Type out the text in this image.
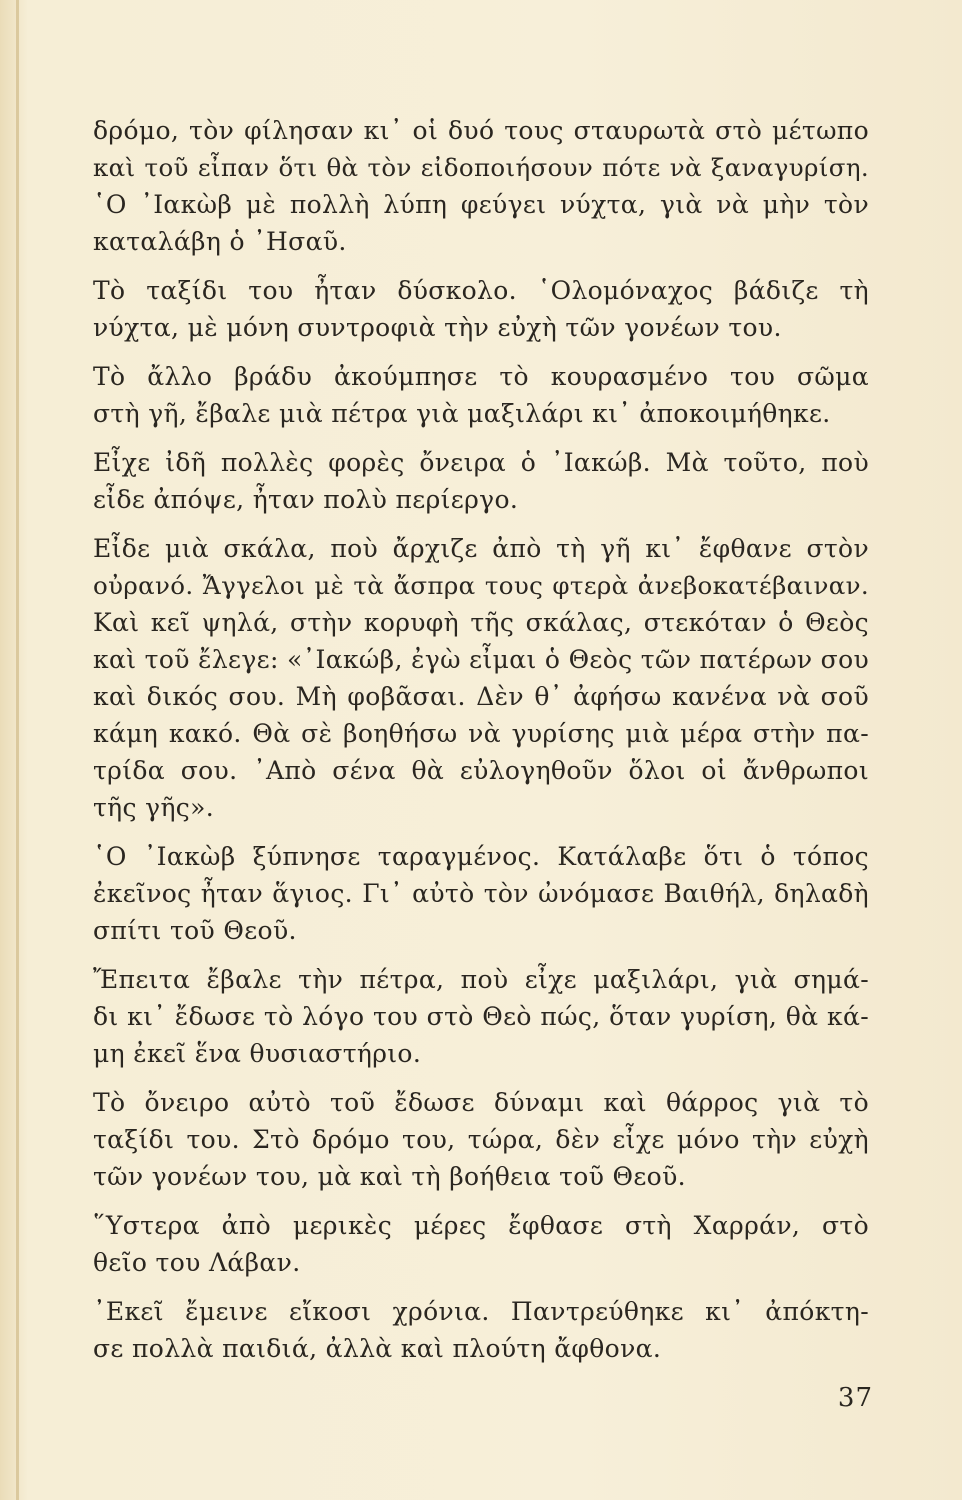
δρόμο, τὸν φίλησαν κι᾽ οἱ δυό τους σταυρωτὰ στὸ μέτωπο
καὶ τοῦ εἶπαν ὅτι θὰ τὸν εἰδοποιήσουν πότε νὰ ξαναγυρίση.
῾Ο ᾽Ιακὼβ μὲ πολλὴ λύπη φεύγει νύχτα, γιὰ νὰ μὴν τὸν
καταλάβη ὁ ᾽Ησαῦ.
Τὸ ταξίδι του ἦταν δύσκολο. ῾Ολομόναχος βάδιζε τὴ
νύχτα, μὲ μόνη συντροφιὰ τὴν εὐχὴ τῶν γονέων του.
Τὸ ἄλλο βράδυ ἀκούμπησε τὸ κουρασμένο του σῶμα
στὴ γῆ, ἔβαλε μιὰ πέτρα γιὰ μαξιλάρι κι᾽ ἀποκοιμήθηκε.
Εἶχε ἰδῆ πολλὲς φορὲς ὄνειρα ὁ ᾽Ιακώβ. Μὰ τοῦτο, ποὺ
εἶδε ἀπόψε, ἦταν πολὺ περίεργο.
Εἶδε μιὰ σκάλα, ποὺ ἄρχιζε ἀπὸ τὴ γῆ κι᾽ ἔφθανε στὸν
οὐρανό. Ἄγγελοι μὲ τὰ ἄσπρα τους φτερὰ ἀνεβοκατέβαιναν.
Καὶ κεῖ ψηλά, στὴν κορυφὴ τῆς σκάλας, στεκόταν ὁ Θεὸς
καὶ τοῦ ἔλεγε: «᾽Ιακώβ, ἐγὼ εἶμαι ὁ Θεὸς τῶν πατέρων σου
καὶ δικός σου. Μὴ φοβᾶσαι. Δὲν θ᾽ ἀφήσω κανένα νὰ σοῦ
κάμη κακό. Θὰ σὲ βοηθήσω νὰ γυρίσης μιὰ μέρα στὴν πα-
τρίδα σου. ᾽Απὸ σένα θὰ εὐλογηθοῦν ὅλοι οἱ ἄνθρωποι
τῆς γῆς».
῾Ο ᾽Ιακὼβ ξύπνησε ταραγμένος. Κατάλαβε ὅτι ὁ τόπος
ἐκεῖνος ἦταν ἅγιος. Γι᾽ αὐτὸ τὸν ὠνόμασε Βαιθήλ, δηλαδὴ
σπίτι τοῦ Θεοῦ.
Ἔπειτα ἔβαλε τὴν πέτρα, ποὺ εἶχε μαξιλάρι, γιὰ σημά-
δι κι᾽ ἔδωσε τὸ λόγο του στὸ Θεὸ πώς, ὅταν γυρίση, θὰ κά-
μη ἐκεῖ ἕνα θυσιαστήριο.
Τὸ ὄνειρο αὐτὸ τοῦ ἔδωσε δύναμι καὶ θάρρος γιὰ τὸ
ταξίδι του. Στὸ δρόμο του, τώρα, δὲν εἶχε μόνο τὴν εὐχὴ
τῶν γονέων του, μὰ καὶ τὴ βοήθεια τοῦ Θεοῦ.
῞Υστερα ἀπὸ μερικὲς μέρες ἔφθασε στὴ Χαρράν, στὸ
θεῖο του Λάβαν.
᾽Εκεῖ ἔμεινε εἴκοσι χρόνια. Παντρεύθηκε κι᾽ ἀπόκτη-
σε πολλὰ παιδιά, ἀλλὰ καὶ πλούτη ἄφθονα.
37
